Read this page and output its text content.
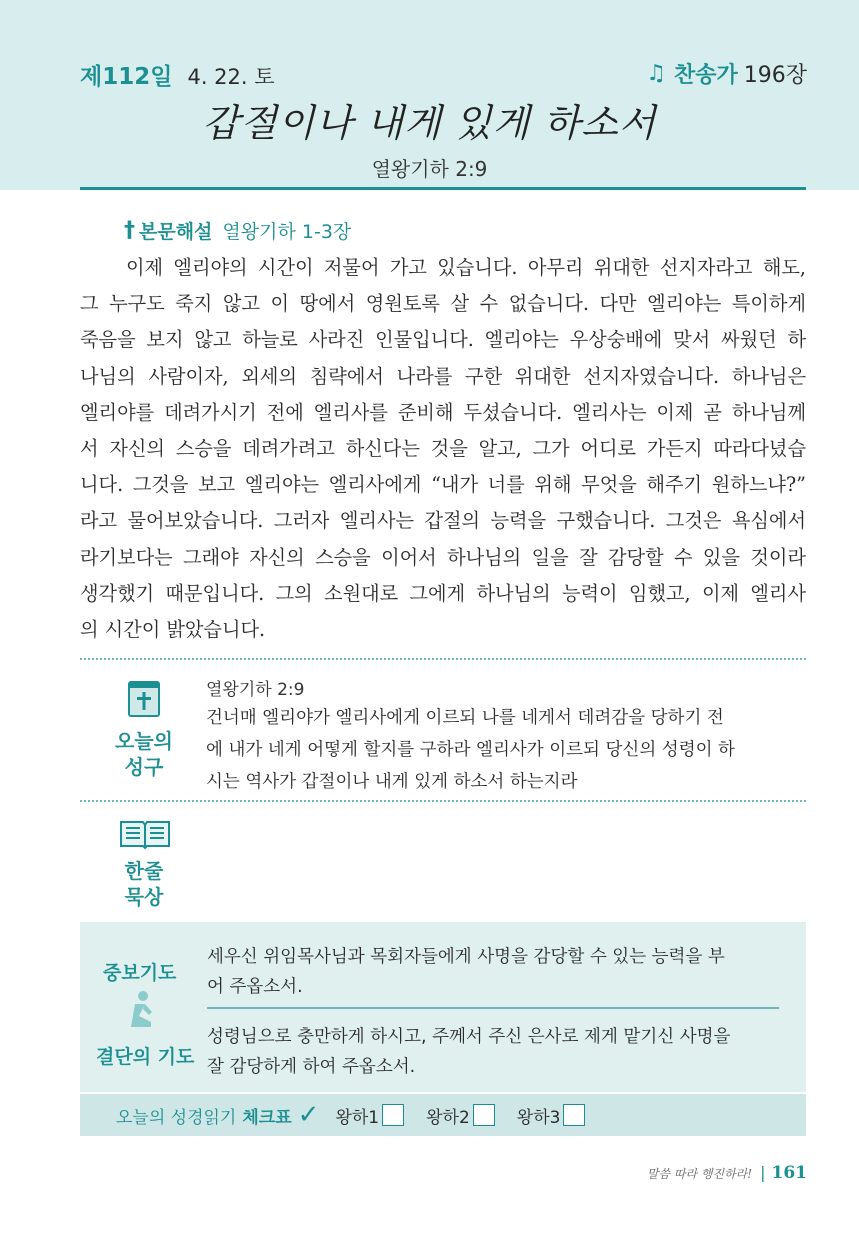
제112일 4. 22. 토	♫ 찬송가 196장
갑절이나 내게 있게 하소서
열왕기하 2:9
† 본문해설 열왕기하 1-3장
이제 엘리야의 시간이 저물어 가고 있습니다. 아무리 위대한 선지자라고 해도,
그 누구도 죽지 않고 이 땅에서 영원토록 살 수 없습니다. 다만 엘리야는 특이하게
죽음을 보지 않고 하늘로 사라진 인물입니다. 엘리야는 우상숭배에 맞서 싸웠던 하
나님의 사람이자, 외세의 침략에서 나라를 구한 위대한 선지자였습니다. 하나님은
엘리야를 데려가시기 전에 엘리사를 준비해 두셨습니다. 엘리사는 이제 곧 하나님께
서 자신의 스승을 데려가려고 하신다는 것을 알고, 그가 어디로 가든지 따라다녔습
니다. 그것을 보고 엘리야는 엘리사에게 “내가 너를 위해 무엇을 해주기 원하느냐?”
라고 물어보았습니다. 그러자 엘리사는 갑절의 능력을 구했습니다. 그것은 욕심에서
라기보다는 그래야 자신의 스승을 이어서 하나님의 일을 잘 감당할 수 있을 것이라
생각했기 때문입니다. 그의 소원대로 그에게 하나님의 능력이 임했고, 이제 엘리사
의 시간이 밝았습니다.
오늘의
성구
열왕기하 2:9
건너매 엘리야가 엘리사에게 이르되 나를 네게서 데려감을 당하기 전
에 내가 네게 어떻게 할지를 구하라 엘리사가 이르되 당신의 성령이 하
시는 역사가 갑절이나 내게 있게 하소서 하는지라
한줄
묵상
중보기도
세우신 위임목사님과 목회자들에게 사명을 감당할 수 있는 능력을 부
어 주옵소서.
결단의 기도
성령님으로 충만하게 하시고, 주께서 주신 은사로 제게 맡기신 사명을
잘 감당하게 하여 주옵소서.
오늘의 성경읽기 체크표 ✓ 왕하1	왕하2	왕하3
말씀 따라 행진하라! | 161
